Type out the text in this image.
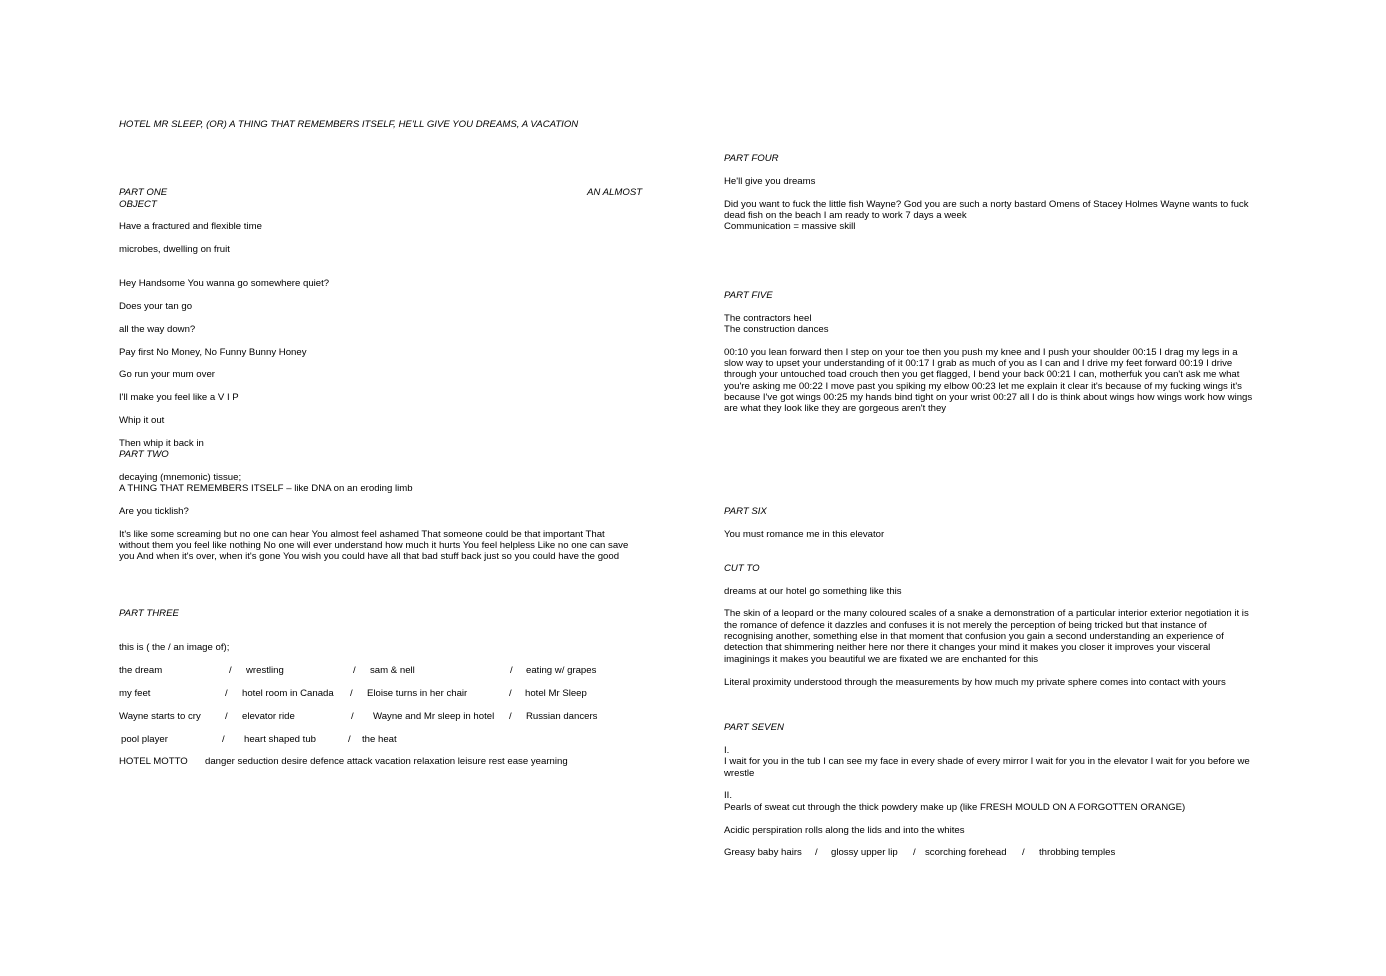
HOTEL MR SLEEP, (OR) A THING THAT REMEMBERS ITSELF, HE'LL GIVE YOU DREAMS, A VACATION

PART ONE	AN ALMOST

OBJECT

Have a fractured and flexible time

microbes, dwelling on fruit

Hey Handsome You wanna go somewhere quiet?

Does your tan go

all the way down?

Pay first No Money, No Funny Bunny Honey

Go run your mum over

I'll make you feel like a V I P

Whip it out

Then whip it back in

PART TWO

decaying (mnemonic) tissue;

A THING THAT REMEMBERS ITSELF – like DNA on an eroding limb

Are you ticklish?

It's like some screaming but no one can hear You almost feel ashamed That someone could be that important That

without them you feel like nothing No one will ever understand how much it hurts You feel helpless Like no one can save

you And when it's over, when it's gone You wish you could have all that bad stuff back just so you could have the good

PART THREE

this is ( the / an image of);

the dream	/ wrestling	/ sam & nell	/ eating w/ grapes

my feet	/ hotel room in Canada / Eloise turns in her chair	/ hotel Mr Sleep

Wayne starts to cry	/ elevator ride	/ Wayne and Mr sleep in hotel / Russian dancers

pool player	/ heart shaped tub	/ the heat

HOTEL MOTTO danger seduction desire defence attack vacation relaxation leisure rest ease yearning

PART FOUR

He'll give you dreams

Did you want to fuck the little fish Wayne? God you are such a norty bastard Omens of Stacey Holmes Wayne wants to fuck

dead fish on the beach I am ready to work 7 days a week

Communication = massive skill

PART FIVE

The contractors heel

The construction dances

00:10 you lean forward then I step on your toe then you push my knee and I push your shoulder 00:15 I drag my legs in a

slow way to upset your understanding of it 00:17 I grab as much of you as I can and I drive my feet forward 00:19 I drive

through your untouched toad crouch then you get flagged, I bend your back 00:21 I can, motherfuk you can't ask me what

you're asking me 00:22 I move past you spiking my elbow 00:23 let me explain it clear it's because of my fucking wings it's

because I've got wings 00:25 my hands bind tight on your wrist 00:27 all I do is think about wings how wings work how wings

are what they look like they are gorgeous aren't they

PART SIX

You must romance me in this elevator

CUT TO

dreams at our hotel go something like this

The skin of a leopard or the many coloured scales of a snake a demonstration of a particular interior exterior negotiation it is

the romance of defence it dazzles and confuses it is not merely the perception of being tricked but that instance of

recognising another, something else in that moment that confusion you gain a second understanding an experience of

detection that shimmering neither here nor there it changes your mind it makes you closer it improves your visceral

imaginings it makes you beautiful we are fixated we are enchanted for this

Literal proximity understood through the measurements by how much my private sphere comes into contact with yours

PART SEVEN

I.

I wait for you in the tub I can see my face in every shade of every mirror I wait for you in the elevator I wait for you before we

wrestle

II.

Pearls of sweat cut through the thick powdery make up (like FRESH MOULD ON A FORGOTTEN ORANGE)

Acidic perspiration rolls along the lids and into the whites

Greasy baby hairs / glossy upper lip / scorching forehead / throbbing temples
